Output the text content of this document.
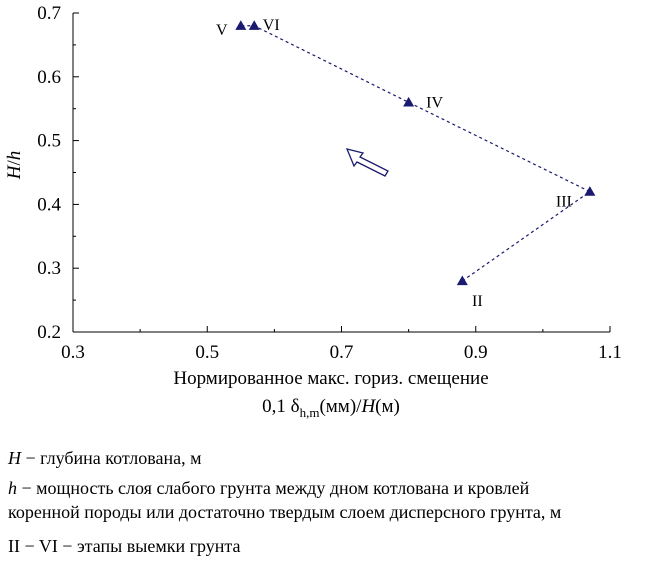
0.3	0.5	0.7	0.9	1.1
0.2
0.3
0.4
0.5
0.6
0.7
II
III
IV
VI
V
H/h
Нормированное макс. гориз. смещение
0,1 $\delta_{h,m}(мм)/H(м)$
H − глубина котлована, м
h − мощность слоя слабого грунта между дном котлована и кровлей
коренной породы или достаточно твердым слоем дисперсного грунта, м
II − VI − этапы выемки грунта
